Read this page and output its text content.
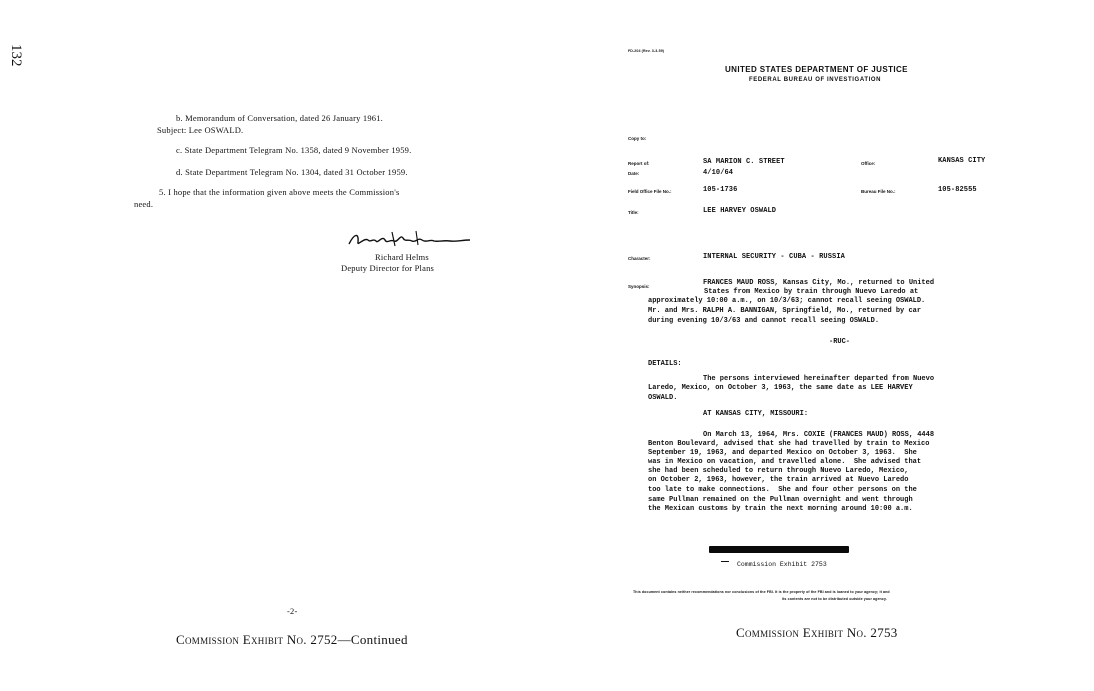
132
b. Memorandum of Conversation, dated 26 January 1961.
Subject: Lee OSWALD.
c. State Department Telegram No. 1358, dated 9 November 1959.
d. State Department Telegram No. 1304, dated 31 October 1959.
5. I hope that the information given above meets the Commission's
need.
Richard Helms
Deputy Director for Plans
-2-
Commission Exhibit No. 2752—Continued
FD-204 (Rev. 3-3-59)
UNITED STATES DEPARTMENT OF JUSTICE
FEDERAL BUREAU OF INVESTIGATION
Copy to:
Report of:	SA MARION C. STREET	Office:	KANSAS CITY
Date:	4/10/64
Field Office File No.:	105-1736	Bureau File No.:	105-82555
Title:	LEE HARVEY OSWALD
Character:	INTERNAL SECURITY - CUBA - RUSSIA
Synopsis:	FRANCES MAUD ROSS, Kansas City, Mo., returned to United
States from Mexico by train through Nuevo Laredo at
approximately 10:00 a.m., on 10/3/63; cannot recall seeing OSWALD.
Mr. and Mrs. RALPH A. BANNIGAN, Springfield, Mo., returned by car
during evening 10/3/63 and cannot recall seeing OSWALD.
-RUC-
DETAILS:
The persons interviewed hereinafter departed from Nuevo
Laredo, Mexico, on October 3, 1963, the same date as LEE HARVEY
OSWALD.
AT KANSAS CITY, MISSOURI:
On March 13, 1964, Mrs. COXIE (FRANCES MAUD) ROSS, 4448
Benton Boulevard, advised that she had travelled by train to Mexico
September 19, 1963, and departed Mexico on October 3, 1963.  She
was in Mexico on vacation, and travelled alone.  She advised that
she had been scheduled to return through Nuevo Laredo, Mexico,
on October 2, 1963, however, the train arrived at Nuevo Laredo
too late to make connections.  She and four other persons on the
same Pullman remained on the Pullman overnight and went through
the Mexican customs by train the next morning around 10:00 a.m.
Commission Exhibit 2753
This document contains neither recommendations nor conclusions of the FBI. It is the property of the FBI and is loaned to your agency; it and
its contents are not to be distributed outside your agency.
Commission Exhibit No. 2753
